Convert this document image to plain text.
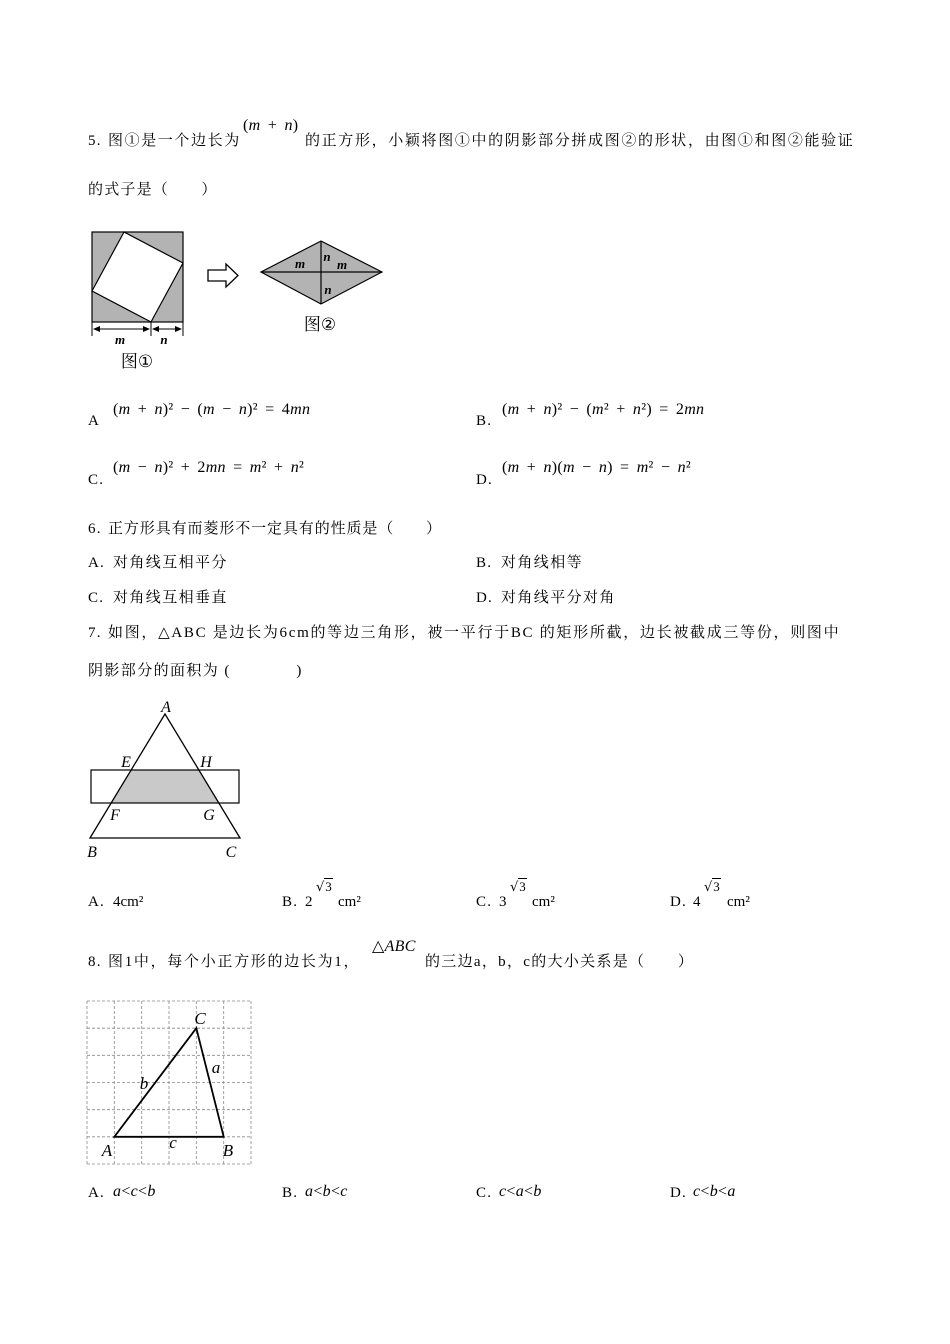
5. 图①是一个边长为
(m + n)
的正方形，小颖将图①中的阴影部分拼成图②的形状，由图①和图②能验证
的式子是（　　）
m	n
图①
m n
m
n
图②
A
(m + n)² − (m − n)² = 4mn
B.
(m + n)² − (m² + n²) = 2mn
C.
(m − n)² + 2mn = m² + n²
D.
(m + n)(m − n) = m² − n²
6. 正方形具有而菱形不一定具有的性质是（　　）
A. 对角线互相平分	B. 对角线相等
C. 对角线互相垂直	D. 对角线平分对角
7. 如图，△ABC 是边长为6cm的等边三角形，被一平行于BC 的矩形所截，边长被截成三等份，则图中
阴影部分的面积为 (　　　　)
A
E	H
F	G
B	C
A. 4cm²	B. 2
√3
cm²	C. 3
√3
cm²	D. 4
√3
cm²
8. 图1中，每个小正方形的边长为1，
△ABC
的三边a，b，c的大小关系是（　　）
C
a
b
c
A	B
A. a<c<b	B. a<b<c	C. c<a<b	D. c<b<a
